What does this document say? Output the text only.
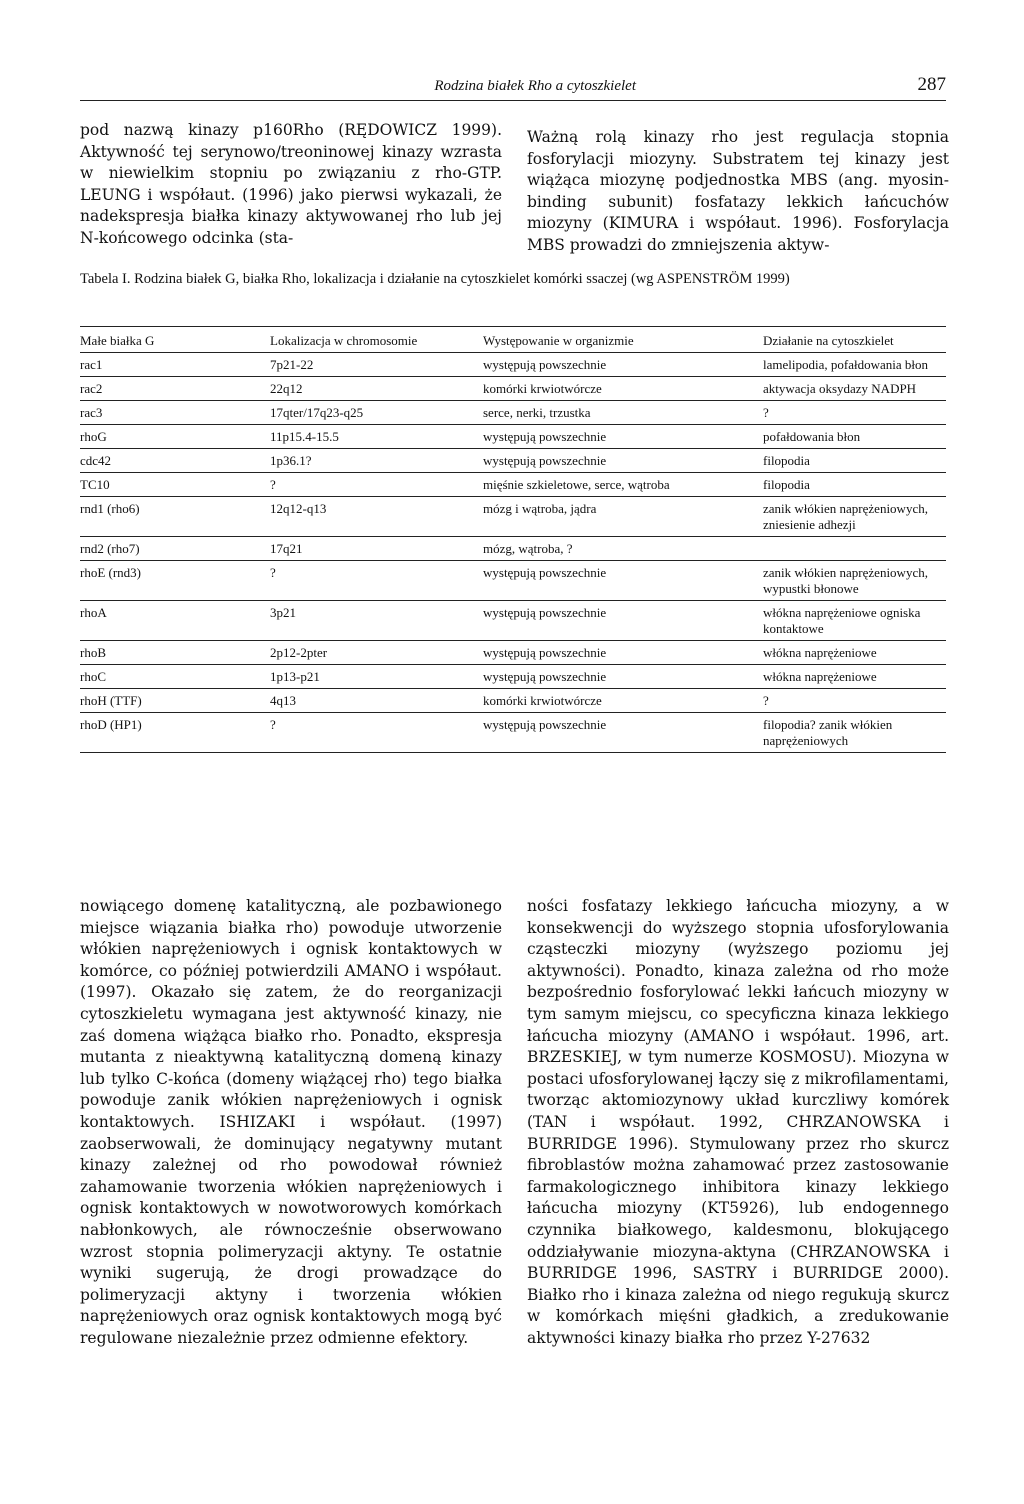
Rodzina białek Rho a cytoszkielet	287
pod nazwą kinazy p160Rho (RĘDOWICZ 1999). Aktywność tej serynowo/treoninowej kinazy wzrasta w niewielkim stopniu po związaniu z rho-GTP. LEUNG i współaut. (1996) jako pierwsi wykazali, że nadekspresja białka kinazy aktywowanej rho lub jej N-końcowego odcinka (sta-
Ważną rolą kinazy rho jest regulacja stopnia fosforylacji miozyny. Substratem tej kinazy jest wiążąca miozynę podjednostka MBS (ang. myosin-binding subunit) fosfatazy lekkich łańcuchów miozyny (KIMURA i współaut. 1996). Fosforylacja MBS prowadzi do zmniejszenia aktyw-
Tabela I. Rodzina białek G, białka Rho, lokalizacja i działanie na cytoszkielet komórki ssaczej (wg ASPENSTRÖM 1999)
Małe białka G	Lokalizacja w chromosomie	Występowanie w organizmie	Działanie na cytoszkielet
rac1	7p21-22	występują powszechnie	lamelipodia, pofałdowania błon
rac2	22q12	komórki krwiotwórcze	aktywacja oksydazy NADPH
rac3	17qter/17q23-q25	serce, nerki, trzustka	?
rhoG	11p15.4-15.5	występują powszechnie	pofałdowania błon
cdc42	1p36.1?	występują powszechnie	filopodia
TC10	?	mięśnie szkieletowe, serce, wątroba	filopodia
rnd1 (rho6)	12q12-q13	mózg i wątroba, jądra	zanik włókien naprężeniowych, zniesienie adhezji
rnd2 (rho7)	17q21	mózg, wątroba, ?	
rhoE (rnd3)	?	występują powszechnie	zanik włókien naprężeniowych, wypustki błonowe
rhoA	3p21	występują powszechnie	włókna naprężeniowe ogniska kontaktowe
rhoB	2p12-2pter	występują powszechnie	włókna naprężeniowe
rhoC	1p13-p21	występują powszechnie	włókna naprężeniowe
rhoH (TTF)	4q13	komórki krwiotwórcze	?
rhoD (HP1)	?	występują powszechnie	filopodia? zanik włókien naprężeniowych
nowiącego domenę katalityczną, ale pozbawionego miejsce wiązania białka rho) powoduje utworzenie włókien naprężeniowych i ognisk kontaktowych w komórce, co później potwierdzili AMANO i współaut. (1997). Okazało się zatem, że do reorganizacji cytoszkieletu wymagana jest aktywność kinazy, nie zaś domena wiążąca białko rho. Ponadto, ekspresja mutanta z nieaktywną katalityczną domeną kinazy lub tylko C-końca (domeny wiążącej rho) tego białka powoduje zanik włókien naprężeniowych i ognisk kontaktowych. ISHIZAKI i współaut. (1997) zaobserwowali, że dominujący negatywny mutant kinazy zależnej od rho powodował również zahamowanie tworzenia włókien naprężeniowych i ognisk kontaktowych w nowotworowych komórkach nabłonkowych, ale równocześnie obserwowano wzrost stopnia polimeryzacji aktyny. Te ostatnie wyniki sugerują, że drogi prowadzące do polimeryzacji aktyny i tworzenia włókien naprężeniowych oraz ognisk kontaktowych mogą być regulowane niezależnie przez odmienne efektory.
ności fosfatazy lekkiego łańcucha miozyny, a w konsekwencji do wyższego stopnia ufosforylowania cząsteczki miozyny (wyższego poziomu jej aktywności). Ponadto, kinaza zależna od rho może bezpośrednio fosforylować lekki łańcuch miozyny w tym samym miejscu, co specyficzna kinaza lekkiego łańcucha miozyny (AMANO i współaut. 1996, art. BRZESKIEJ, w tym numerze KOSMOSU). Miozyna w postaci ufosforylowanej łączy się z mikrofilamentami, tworząc aktomiozynowy układ kurczliwy komórek (TAN i współaut. 1992, CHRZANOWSKA i BURRIDGE 1996). Stymulowany przez rho skurcz fibroblastów można zahamować przez zastosowanie farmakologicznego inhibitora kinazy lekkiego łańcucha miozyny (KT5926), lub endogennego czynnika białkowego, kaldesmonu, blokującego oddziaływanie miozyna-aktyna (CHRZANOWSKA i BURRIDGE 1996, SASTRY i BURRIDGE 2000). Białko rho i kinaza zależna od niego regukują skurcz w komórkach mięśni gładkich, a zredukowanie aktywności kinazy białka rho przez Y-27632
